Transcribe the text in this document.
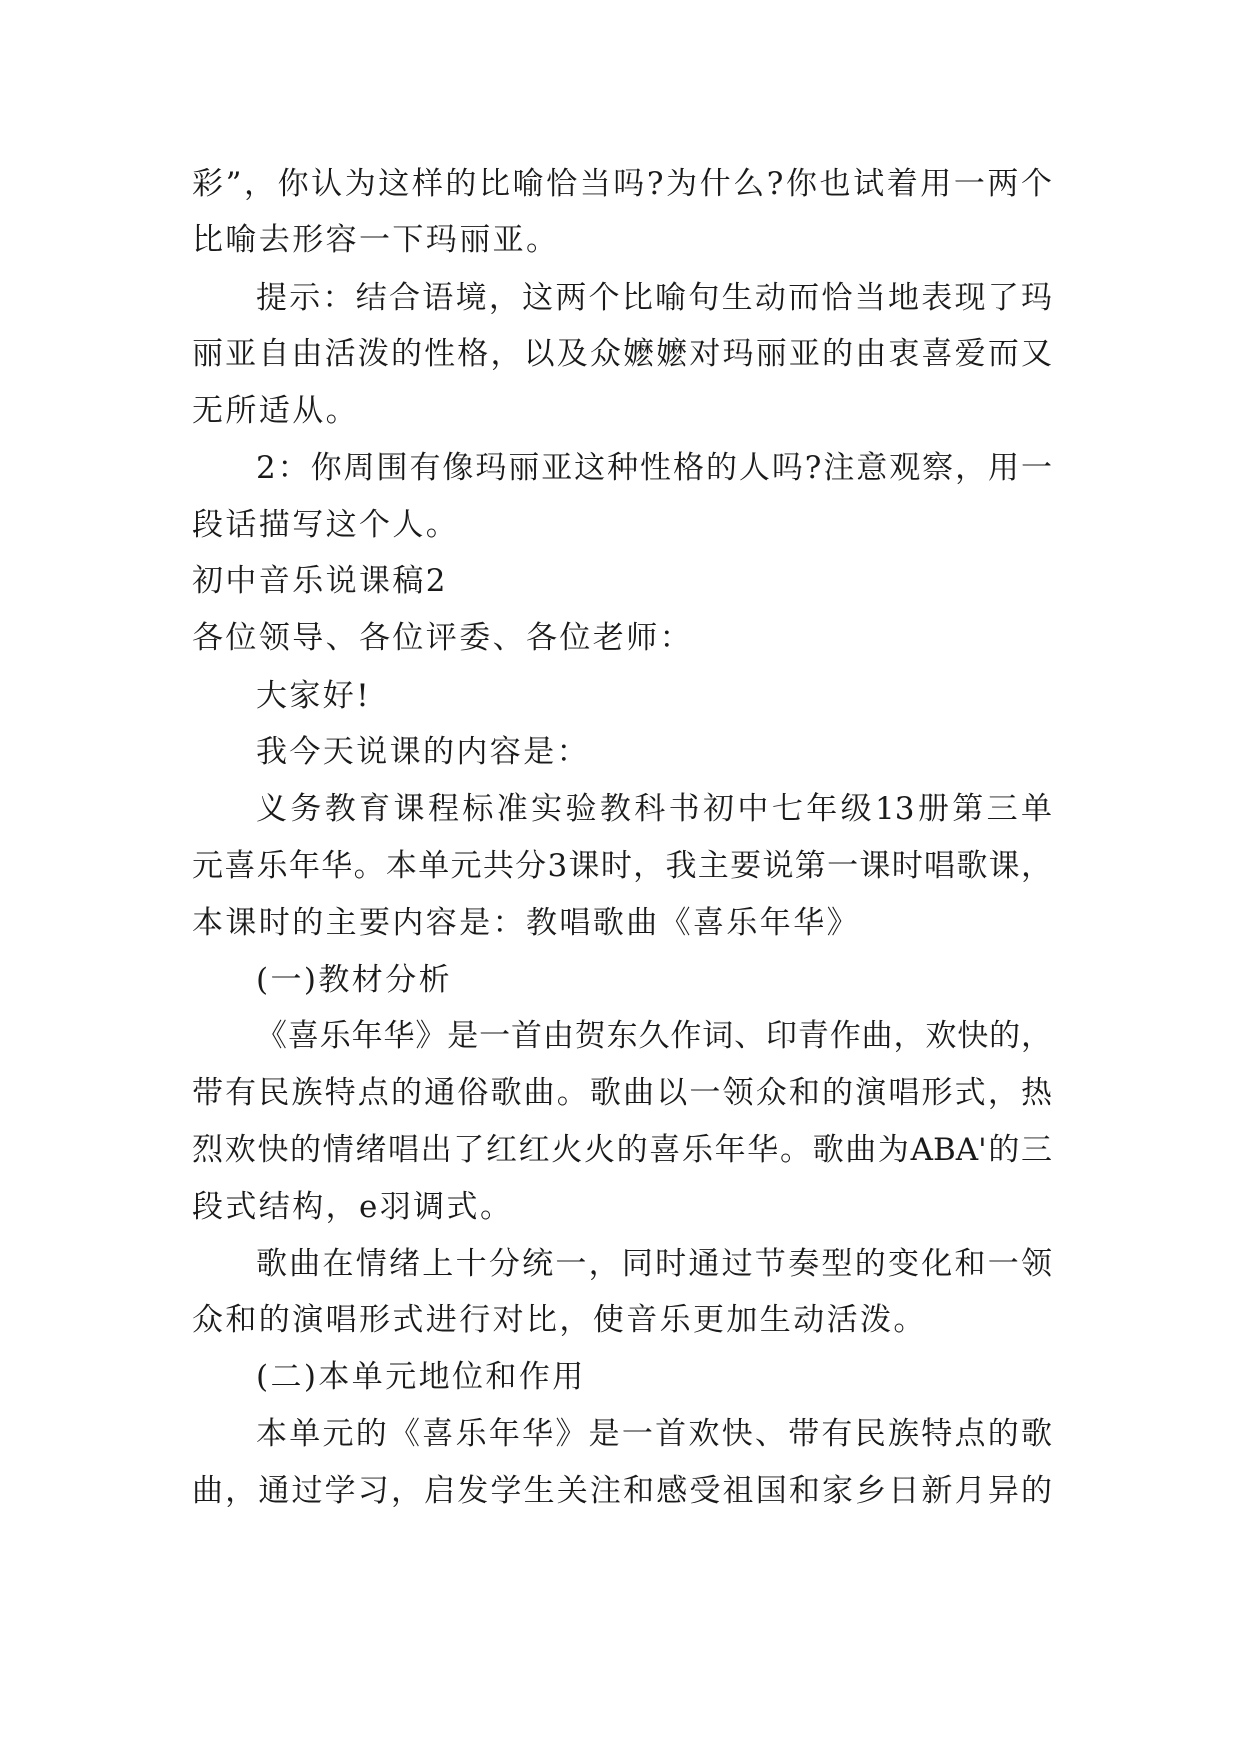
彩”，你认为这样的比喻恰当吗?为什么?你也试着用一两个
比喻去形容一下玛丽亚。
提示：结合语境，这两个比喻句生动而恰当地表现了玛
丽亚自由活泼的性格，以及众嬷嬷对玛丽亚的由衷喜爱而又
无所适从。
2：你周围有像玛丽亚这种性格的人吗?注意观察，用一
段话描写这个人。
初中音乐说课稿2
各位领导、各位评委、各位老师：
大家好!
我今天说课的内容是：
义务教育课程标准实验教科书初中七年级13册第三单
元喜乐年华。本单元共分3课时，我主要说第一课时唱歌课，
本课时的主要内容是：教唱歌曲《喜乐年华》
(一)教材分析
《喜乐年华》是一首由贺东久作词、印青作曲，欢快的，
带有民族特点的通俗歌曲。歌曲以一领众和的演唱形式，热
烈欢快的情绪唱出了红红火火的喜乐年华。歌曲为ABA'的三
段式结构，e羽调式。
歌曲在情绪上十分统一，同时通过节奏型的变化和一领
众和的演唱形式进行对比，使音乐更加生动活泼。
(二)本单元地位和作用
本单元的《喜乐年华》是一首欢快、带有民族特点的歌
曲，通过学习，启发学生关注和感受祖国和家乡日新月异的
